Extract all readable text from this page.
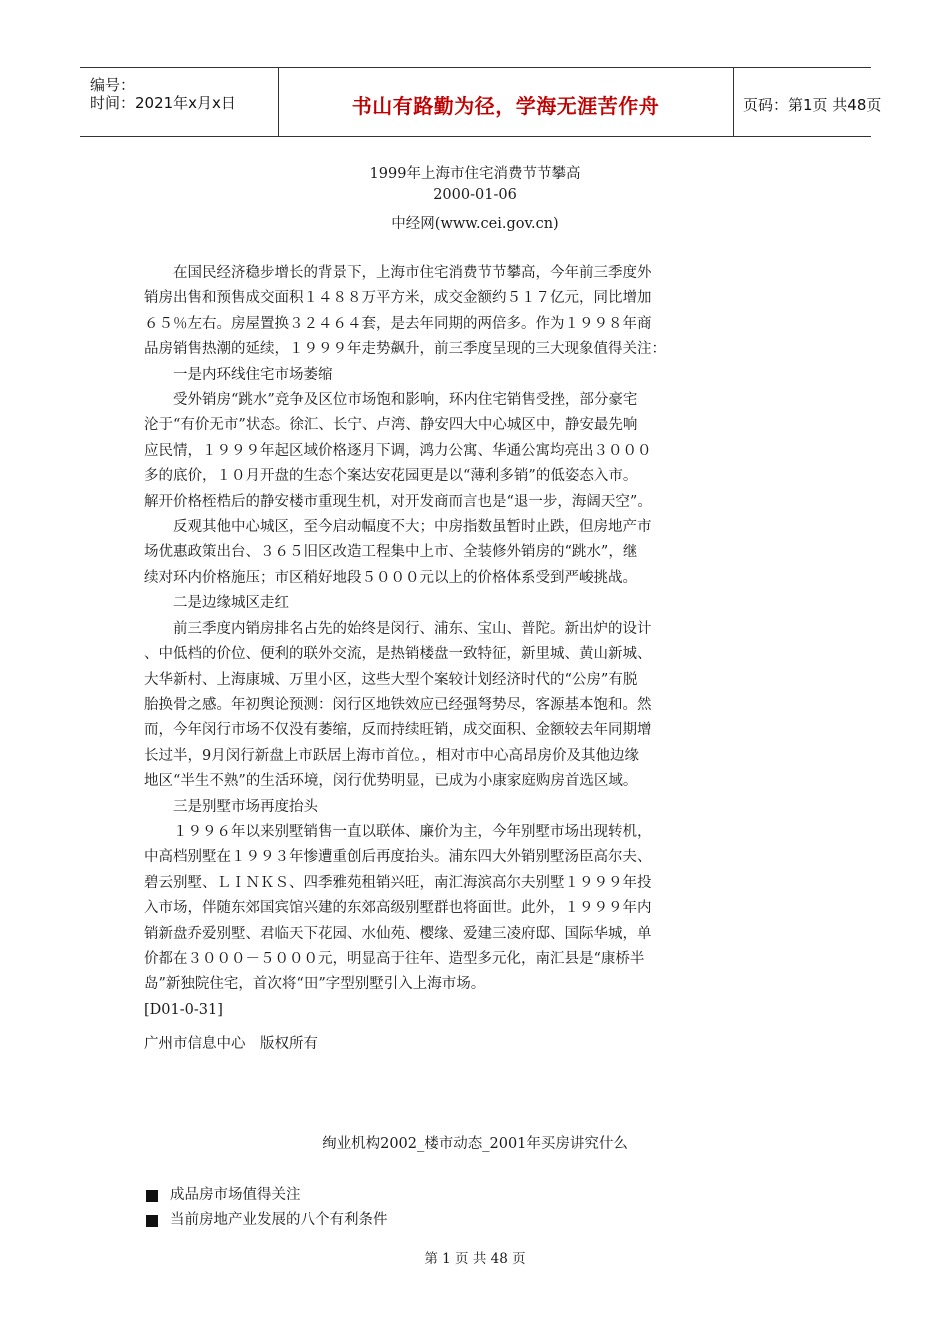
编号：
时间：2021年x月x日	书山有路勤为径，学海无涯苦作舟	页码：第1页 共48页
1999年上海市住宅消费节节攀高
2000-01-06
中经网(www.cei.gov.cn)
在国民经济稳步增长的背景下，上海市住宅消费节节攀高，今年前三季度外
销房出售和预售成交面积１４８８万平方米，成交金额约５１７亿元，同比增加
６５％左右。房屋置换３２４６４套，是去年同期的两倍多。作为１９９８年商
品房销售热潮的延续，１９９９年走势飙升，前三季度呈现的三大现象值得关注：
一是内环线住宅市场萎缩
受外销房“跳水”竞争及区位市场饱和影响，环内住宅销售受挫，部分豪宅
沦于“有价无市”状态。徐汇、长宁、卢湾、静安四大中心城区中，静安最先响
应民情，１９９９年起区域价格逐月下调，鸿力公寓、华通公寓均亮出３０００
多的底价，１０月开盘的生态个案达安花园更是以“薄利多销”的低姿态入市。
解开价格桎梏后的静安楼市重现生机，对开发商而言也是“退一步，海阔天空”。
反观其他中心城区，至今启动幅度不大；中房指数虽暂时止跌，但房地产市
场优惠政策出台、３６５旧区改造工程集中上市、全装修外销房的“跳水”，继
续对环内价格施压；市区稍好地段５０００元以上的价格体系受到严峻挑战。
二是边缘城区走红
前三季度内销房排名占先的始终是闵行、浦东、宝山、普陀。新出炉的设计
、中低档的价位、便利的联外交流，是热销楼盘一致特征，新里城、黄山新城、
大华新村、上海康城、万里小区，这些大型个案较计划经济时代的“公房”有脱
胎换骨之感。年初舆论预测：闵行区地铁效应已经强弩势尽，客源基本饱和。然
而，今年闵行市场不仅没有萎缩，反而持续旺销，成交面积、金额较去年同期增
长过半，9月闵行新盘上市跃居上海市首位。，相对市中心高昂房价及其他边缘
地区“半生不熟”的生活环境，闵行优势明显，已成为小康家庭购房首选区域。
三是别墅市场再度抬头
１９９６年以来别墅销售一直以联体、廉价为主，今年别墅市场出现转机，
中高档别墅在１９９３年惨遭重创后再度抬头。浦东四大外销别墅汤臣高尔夫、
碧云别墅、ＬＩＮＫＳ、四季雅苑租销兴旺，南汇海滨高尔夫别墅１９９９年投
入市场，伴随东郊国宾馆兴建的东郊高级别墅群也将面世。此外，１９９９年内
销新盘乔爱别墅、君临天下花园、水仙苑、樱缘、爱建三凌府邸、国际华城，单
价都在３０００－５０００元，明显高于往年、造型多元化，南汇县是“康桥半
岛”新独院住宅，首次将“田”字型别墅引入上海市场。
[D01-0-31]
广州市信息中心　版权所有
绚业机构2002_楼市动态_2001年买房讲究什么
成品房市场值得关注
当前房地产业发展的八个有利条件
第 1 页 共 48 页
